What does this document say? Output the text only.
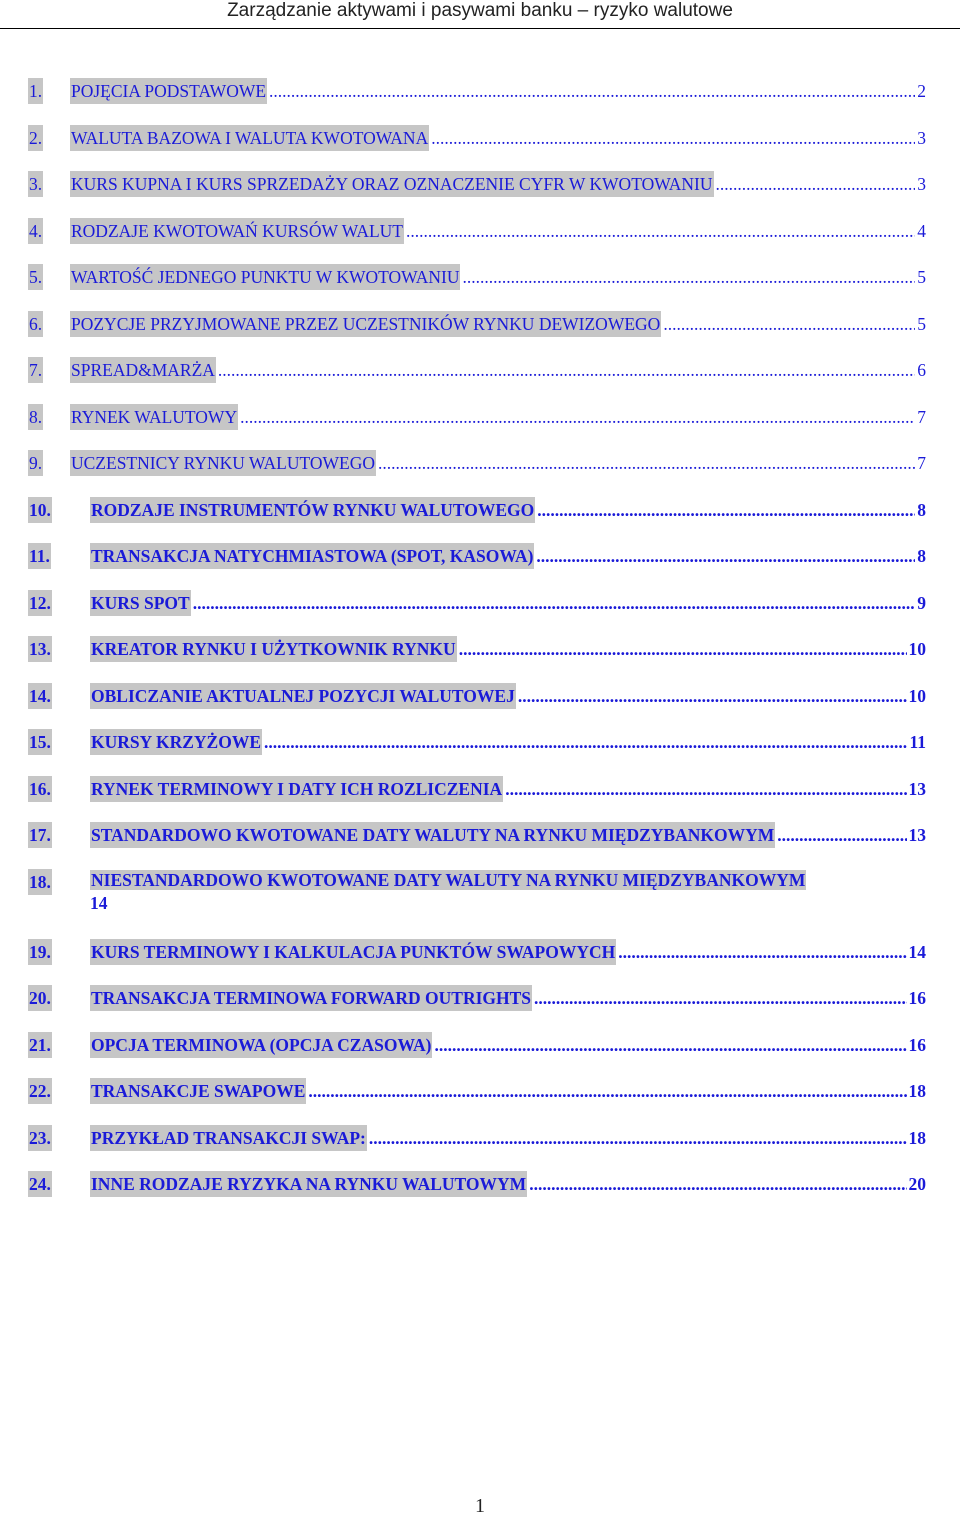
Zarządzanie aktywami i pasywami banku – ryzyko walutowe
1. POJĘCIA PODSTAWOWE .....	2
2. WALUTA BAZOWA I WALUTA KWOTOWANA .....	3
3. KURS KUPNA I KURS SPRZEDAŻY ORAZ OZNACZENIE CYFR W KWOTOWANIU .....	3
4. RODZAJE KWOTOWAŃ KURSÓW WALUT .....	4
5. WARTOŚĆ JEDNEGO PUNKTU W KWOTOWANIU .....	5
6. POZYCJE PRZYJMOWANE PRZEZ UCZESTNIKÓW RYNKU DEWIZOWEGO .....	5
7. SPREAD&MARŻA .....	6
8. RYNEK WALUTOWY .....	7
9. UCZESTNICY RYNKU WALUTOWEGO .....	7
10. RODZAJE INSTRUMENTÓW RYNKU WALUTOWEGO .....	8
11. TRANSAKCJA NATYCHMIASTOWA (SPOT, KASOWA) .....	8
12. KURS SPOT .....	9
13. KREATOR RYNKU I UŻYTKOWNIK RYNKU .....	10
14. OBLICZANIE AKTUALNEJ POZYCJI WALUTOWEJ .....	10
15. KURSY KRZYŻOWE .....	11
16. RYNEK TERMINOWY I DATY ICH ROZLICZENIA .....	13
17. STANDARDOWO KWOTOWANE DATY WALUTY NA RYNKU MIĘDZYBANKOWYM .....	13
18. NIESTANDARDOWO KWOTOWANE DATY WALUTY NA RYNKU MIĘDZYBANKOWYM
14
19. KURS TERMINOWY I KALKULACJA PUNKTÓW SWAPOWYCH .....	14
20. TRANSAKCJA TERMINOWA FORWARD OUTRIGHTS .....	16
21. OPCJA TERMINOWA (OPCJA CZASOWA) .....	16
22. TRANSAKCJE SWAPOWE .....	18
23. PRZYKŁAD TRANSAKCJI SWAP: .....	18
24. INNE RODZAJE RYZYKA NA RYNKU WALUTOWYM .....	20
1
